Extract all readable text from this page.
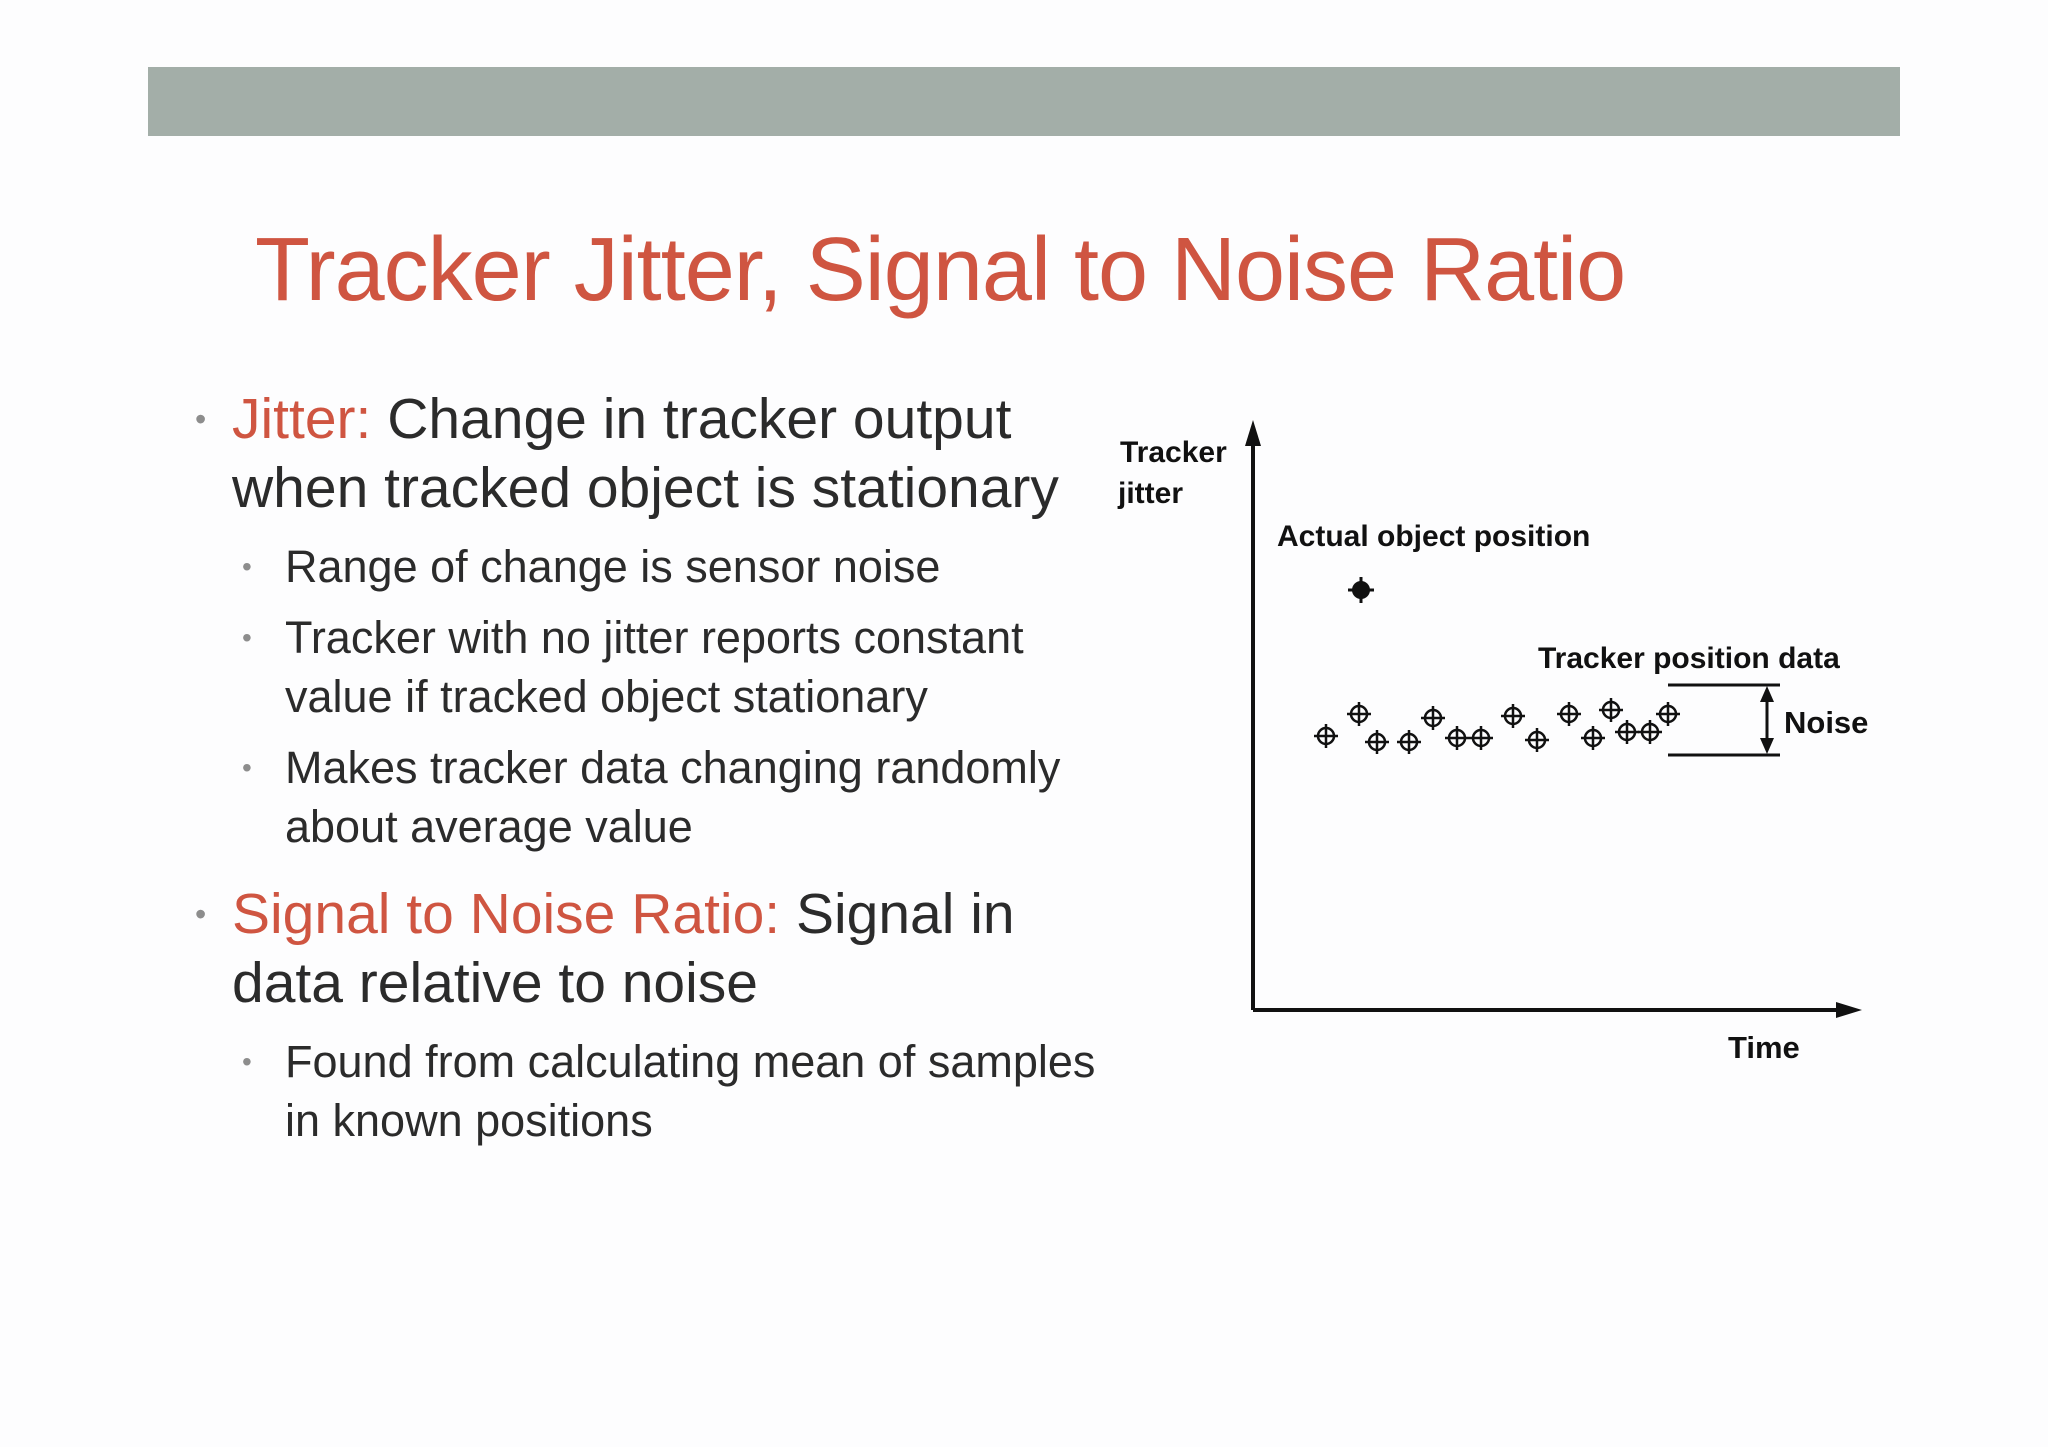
Tracker Jitter, Signal to Noise Ratio
• Jitter: Change in tracker output when tracked object is stationary
• Range of change is sensor noise
• Tracker with no jitter reports constant value if tracked object stationary
• Makes tracker data changing randomly about average value
• Signal to Noise Ratio: Signal in data relative to noise
• Found from calculating mean of samples in known positions
Tracker
jitter
Time
Actual object position
Tracker position data
Noise
